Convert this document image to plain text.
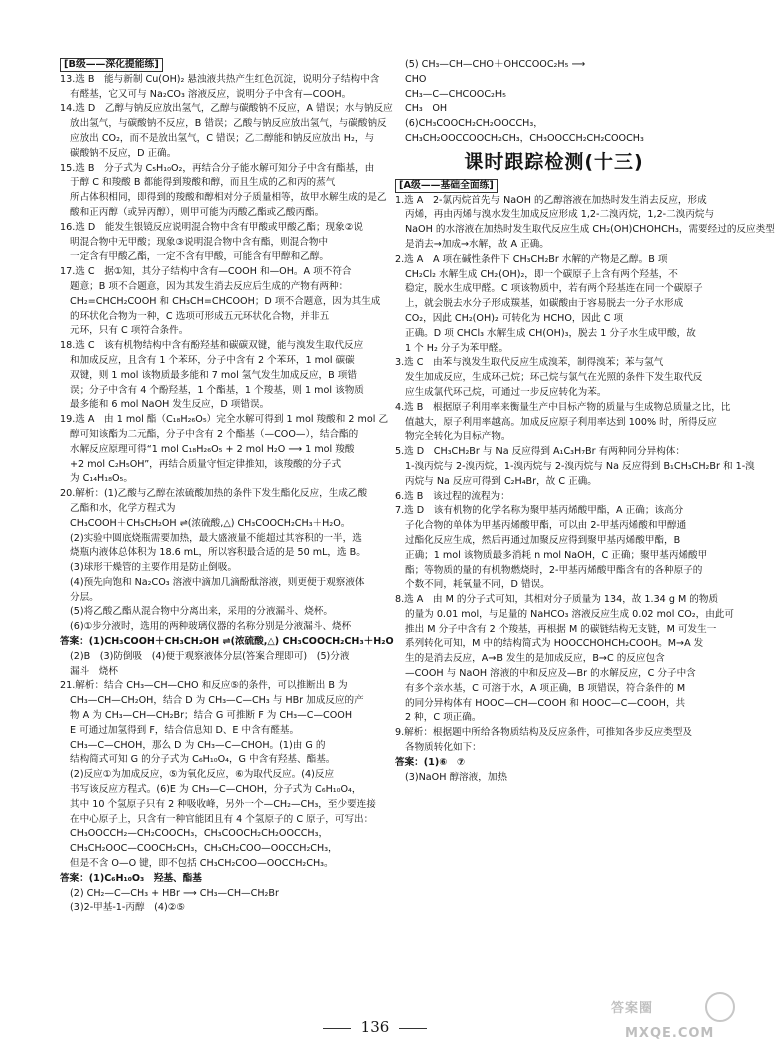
[B级——深化提能练]

13.选 B　能与新制 Cu(OH)₂ 悬浊液共热产生红色沉淀，说明分子结构中含

有醛基，它又可与 Na₂CO₃ 溶液反应，说明分子中含有—COOH。

14.选 D　乙醇与钠反应放出氢气，乙醇与碳酸钠不反应，A 错误；水与钠反应

放出氢气，与碳酸钠不反应，B 错误；乙酸与钠反应放出氢气，与碳酸钠反

应放出 CO₂，而不是放出氢气，C 错误；乙二醇能和钠反应放出 H₂，与

碳酸钠不反应，D 正确。

15.选 B　分子式为 C₅H₁₀O₂，再结合分子能水解可知分子中含有酯基，由

于醇 C 和羧酸 B 都能得到羧酸和醇，而且生成的乙和丙的蒸气

所占体积相同，即得到的羧酸和醇相对分子质量相等，故甲水解生成的是乙

酸和正丙醇（或异丙醇），则甲可能为丙酸乙酯或乙酸丙酯。

16.选 D　能发生银镜反应说明混合物中含有甲酸或甲酸乙酯；现象②说

明混合物中无甲酸；现象③说明混合物中含有酯，则混合物中

一定含有甲酸乙酯，一定不含有甲酸，可能含有甲醇和乙醇。

17.选 C　据①知，其分子结构中含有—COOH 和—OH。A 项不符合

题意；B 项不合题意，因为其发生消去反应后生成的产物有两种：

CH₂=CHCH₂COOH 和 CH₃CH=CHCOOH；D 项不合题意，因为其生成

的环状化合物为一种，C 选项可形成五元环状化合物，并非五

元环，只有 C 项符合条件。

18.选 C　该有机物结构中含有酚羟基和碳碳双键，能与溴发生取代反应

和加成反应，且含有 1 个苯环，分子中含有 2 个苯环，1 mol 碳碳

双键，则 1 mol 该物质最多能和 7 mol 氢气发生加成反应，B 项错

误；分子中含有 4 个酚羟基，1 个酯基，1 个羧基，则 1 mol 该物质

最多能和 6 mol NaOH 发生反应，D 项错误。

19.选 A　由 1 mol 酯（C₁₈H₂₆O₅）完全水解可得到 1 mol 羧酸和 2 mol 乙

醇可知该酯为二元酯，分子中含有 2 个酯基（—COO—），结合酯的

水解反应原理可得“1 mol C₁₈H₂₆O₅ + 2 mol H₂O ⟶ 1 mol 羧酸

+2 mol C₂H₅OH”，再结合质量守恒定律推知，该羧酸的分子式

为 C₁₄H₁₈O₅。

20.解析：(1)乙酸与乙醇在浓硫酸加热的条件下发生酯化反应，生成乙酸

乙酯和水，化学方程式为

CH₃COOH＋CH₃CH₂OH ⇌(浓硫酸,△) CH₃COOCH₂CH₃＋H₂O。

(2)实验中圆底烧瓶需要加热，最大盛液量不能超过其容积的一半，选

烧瓶内液体总体积为 18.6 mL，所以容积最合适的是 50 mL，选 B。

(3)球形干燥管的主要作用是防止倒吸。

(4)预先向饱和 Na₂CO₃ 溶液中滴加几滴酚酞溶液，则更便于观察液体

分层。

(5)将乙酸乙酯从混合物中分离出来，采用的分液漏斗、烧杯。

(6)①步分液时，选用的两种玻璃仪器的名称分别是分液漏斗、烧杯

答案：(1)CH₃COOH＋CH₃CH₂OH ⇌(浓硫酸,△) CH₃COOCH₂CH₃＋H₂O

(2)B　(3)防倒吸　(4)便于观察液体分层(答案合理即可)　(5)分液

漏斗　烧杯

21.解析：结合 CH₃—CH—CHO 和反应⑤的条件，可以推断出 B 为

CH₃—CH—CH₂OH，结合 D 为 CH₃—C—CH₃ 与 HBr 加成反应的产

物 A 为 CH₃—CH—CH₂Br；结合 G 可推断 F 为 CH₃—C—COOH

E 可通过加氢得到 F，结合信息知 D、E 中含有醛基。

CH₃—C—CHOH，那么 D 为 CH₃—C—CHOH。(1)由 G 的

结构简式可知 G 的分子式为 C₆H₁₀O₄，G 中含有羟基、酯基。

(2)反应①为加成反应，⑤为氧化反应，⑥为取代反应。(4)反应

书写该反应方程式。(6)E 为 CH₃—C—CHOH，分子式为 C₆H₁₀O₄，

其中 10 个氢原子只有 2 种吸收峰，另外一个—CH₂—CH₃，至少要连接

在中心原子上，只含有一种官能团且有 4 个氢原子的 C 原子，可写出：

CH₃OOCCH₂—CH₂COOCH₃，CH₃COOCH₂CH₂OOCCH₃，

CH₃CH₂OOC—COOCH₂CH₃，CH₃CH₂COO—OOCCH₂CH₃，

但是不含 O—O 键，即不包括 CH₃CH₂COO—OOCCH₂CH₃。

答案：(1)C₆H₁₀O₃　羟基、酯基

(2) CH₂—C—CH₃ + HBr ⟶ CH₃—CH—CH₂Br

(3)2-甲基-1-丙醇　(4)②⑤

(5) CH₃—CH—CHO＋OHCCOOC₂H₅ ⟶

CHO

CH₃—C—CHCOOC₂H₅

CH₃　OH

(6)CH₃COOCH₂CH₂OOCCH₃，

CH₃CH₂OOCCOOCH₂CH₃，CH₃OOCCH₂CH₂COOCH₃

课时跟踪检测(十三)

[A级——基础全面练]

1.选 A　2-氯丙烷首先与 NaOH 的乙醇溶液在加热时发生消去反应，形成

丙烯，再由丙烯与溴水发生加成反应形成 1,2-二溴丙烷，1,2-二溴丙烷与

NaOH 的水溶液在加热时发生取代反应生成 CH₂(OH)CHOHCH₃，需要经过的反应类型

是消去→加成→水解，故 A 正确。

2.选 A　A 项在碱性条件下 CH₃CH₂Br 水解的产物是乙醇。B 项

CH₂Cl₂ 水解生成 CH₂(OH)₂，即一个碳原子上含有两个羟基，不

稳定，脱水生成甲醛。C 项该物质中，若有两个羟基连在同一个碳原子

上，就会脱去水分子形成羰基，如碳酸由于容易脱去一分子水形成

CO₂，因此 CH₂(OH)₂ 可转化为 HCHO，因此 C 项

正确。D 项 CHCl₃ 水解生成 CH(OH)₃，脱去 1 分子水生成甲酸，故

1 个 H₂ 分子为苯甲醛。

3.选 C　由苯与溴发生取代反应生成溴苯，制得溴苯；苯与氢气

发生加成反应，生成环己烷；环己烷与氯气在光照的条件下发生取代反

应生成氯代环己烷，可通过一步反应转化为苯。

4.选 B　根据原子利用率来衡量生产中目标产物的质量与生成物总质量之比，比

值越大，原子利用率越高。加成反应原子利用率达到 100% 时，所得反应

物完全转化为目标产物。

5.选 D　CH₃CH₂Br 与 Na 反应得到 A₁C₃H₇Br 有两种同分异构体：

1-溴丙烷与 2-溴丙烷，1-溴丙烷与 2-溴丙烷与 Na 反应得到 B₁CH₃CH₂Br 和 1-溴

丙烷与 Na 反应可得到 C₂H₄Br，故 C 正确。

6.选 B　该过程的流程为：

7.选 D　该有机物的化学名称为聚甲基丙烯酸甲酯，A 正确；该高分

子化合物的单体为甲基丙烯酸甲酯，可以由 2-甲基丙烯酸和甲醇通

过酯化反应生成，然后再通过加聚反应得到聚甲基丙烯酸甲酯，B

正确；1 mol 该物质最多消耗 n mol NaOH，C 正确；聚甲基丙烯酸甲

酯；等物质的量的有机物燃烧时，2-甲基丙烯酸甲酯含有的各种原子的

个数不同，耗氧量不同，D 错误。

8.选 A　由 M 的分子式可知，其相对分子质量为 134，故 1.34 g M 的物质

的量为 0.01 mol，与足量的 NaHCO₃ 溶液反应生成 0.02 mol CO₂，由此可

推出 M 分子中含有 2 个羧基，再根据 M 的碳链结构无支链，M 可发生一

系列转化可知，M 中的结构简式为 HOOCCHOHCH₂COOH。M→A 发

生的是消去反应，A→B 发生的是加成反应，B→C 的反应包含

—COOH 与 NaOH 溶液的中和反应及—Br 的水解反应，C 分子中含

有多个亲水基，C 可溶于水，A 项正确，B 项错误，符合条件的 M

的同分异构体有 HOOC—CH—COOH 和 HOOC—C—COOH，共

2 种，C 项正确。

9.解析：根据题中所给各物质结构及反应条件，可推知各步反应类型及

各物质转化如下：

答案：(1)⑥　⑦

(3)NaOH 醇溶液，加热

136
答案圈
MXQE.COM
